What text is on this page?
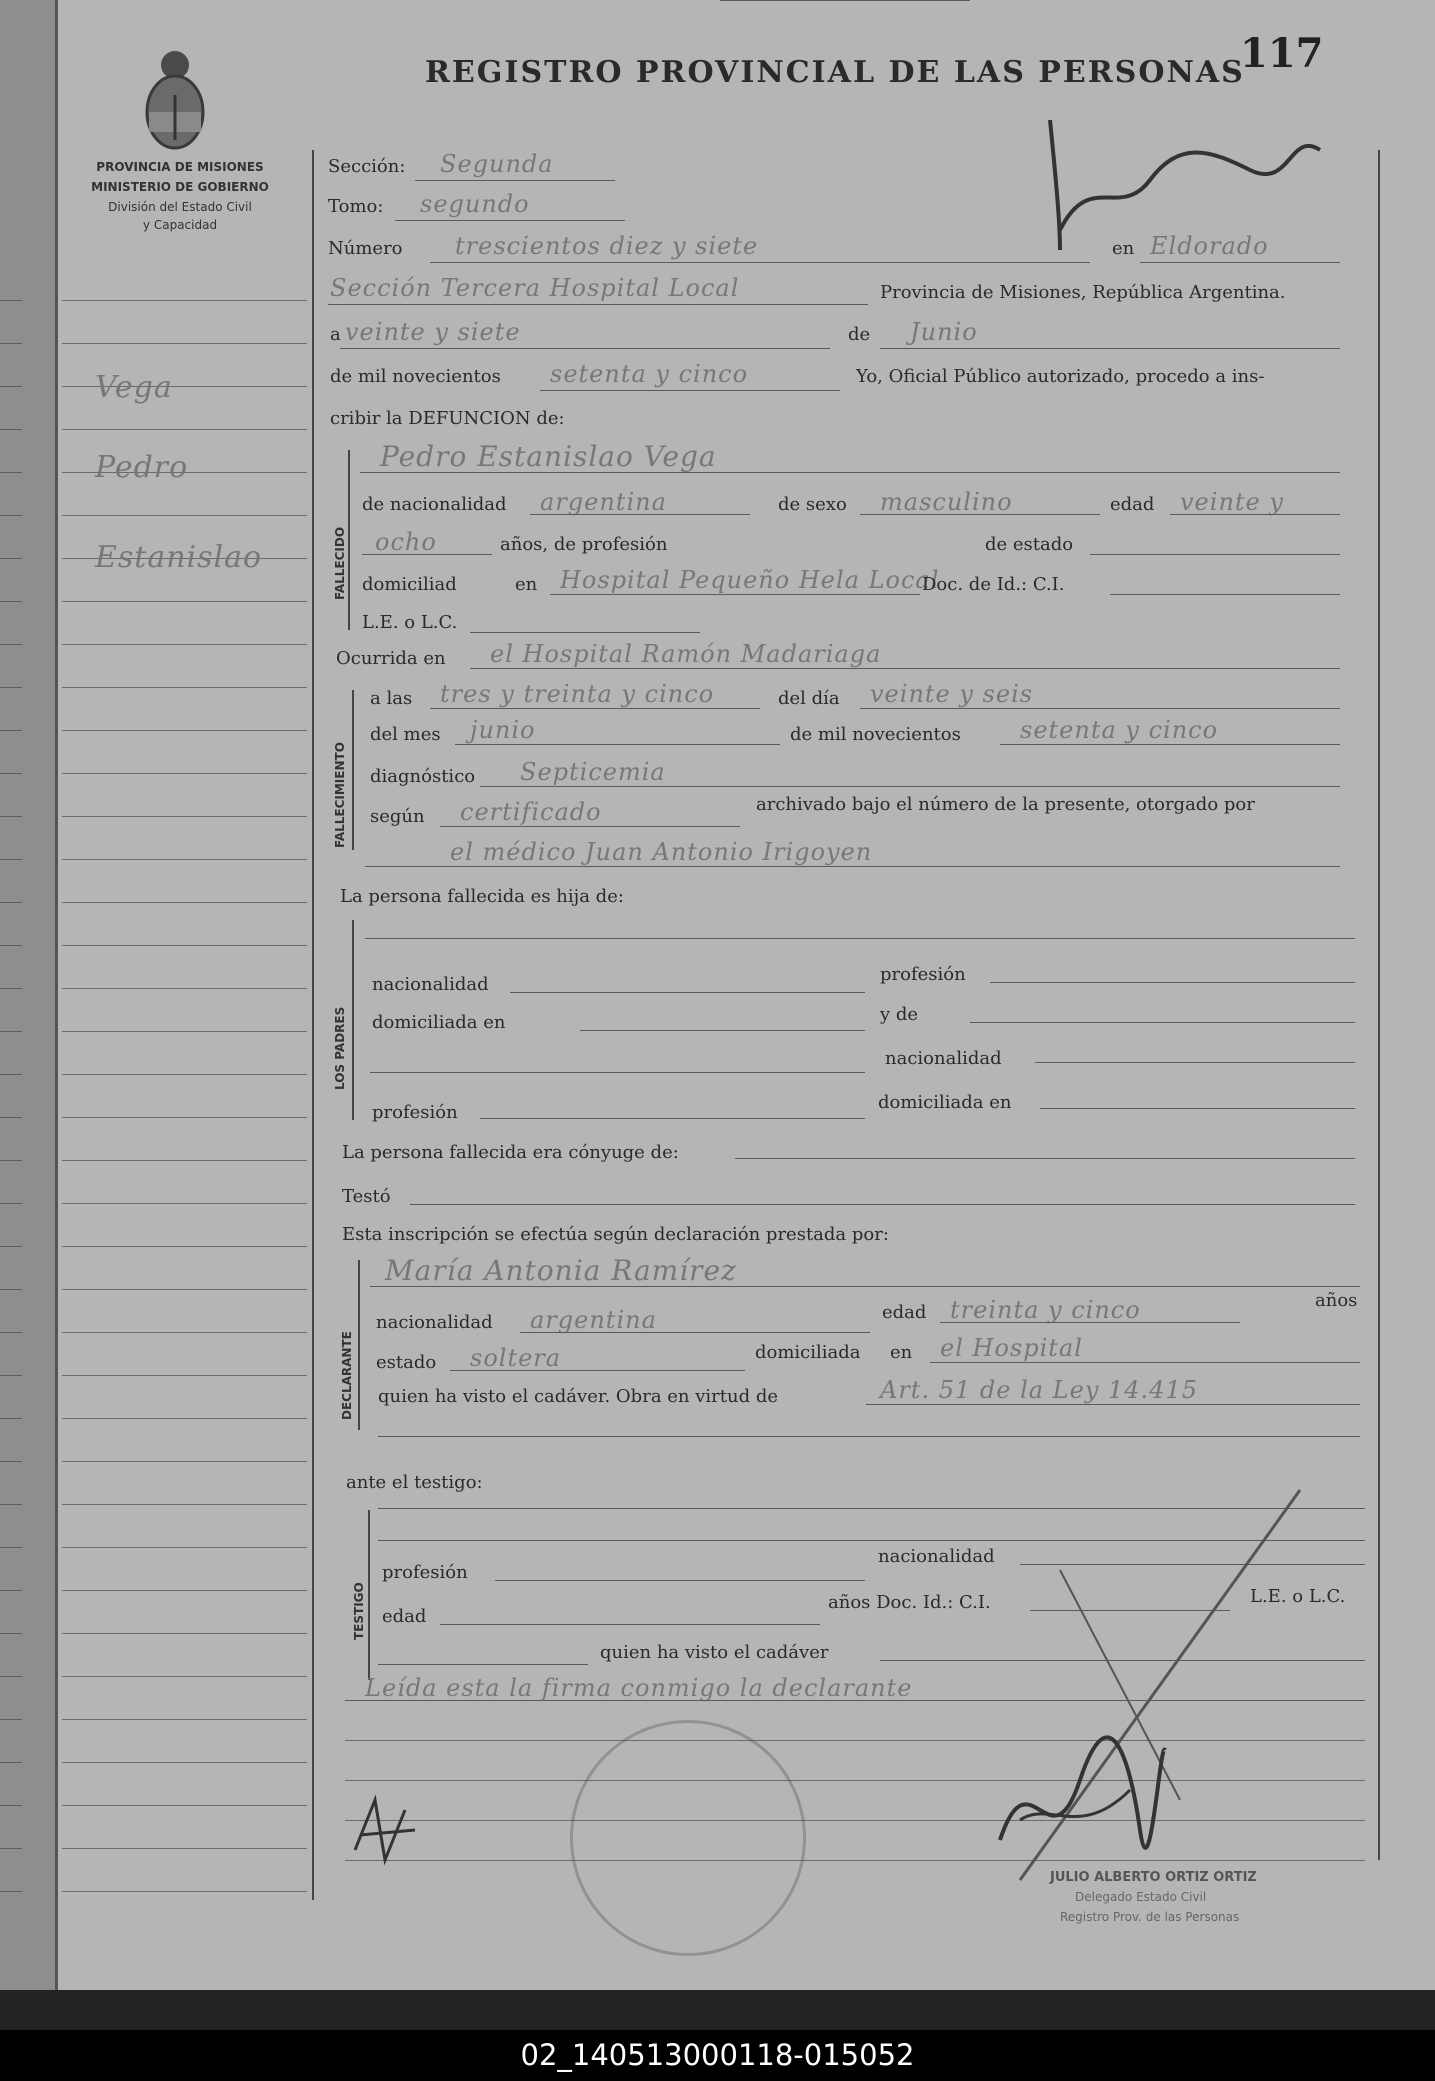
PROVINCIA DE MISIONES
MINISTERIO DE GOBIERNO
División del Estado Civil
y Capacidad
REGISTRO PROVINCIAL DE LAS PERSONAS
117
Vega
Pedro
Estanislao
Sección: Segunda
Tomo: segundo
Número trescientos diez y siete	en Eldorado
Sección Tercera Hospital Local	Provincia de Misiones, República Argentina.
a veinte y siete	de Junio
de mil novecientos setenta y cinco	Yo, Oficial Público autorizado, procedo a ins-
cribir la DEFUNCION de:
FALLECIDO
Pedro Estanislao Vega
de nacionalidad argentina	de sexo masculino	edad veinte y
ocho	años, de profesión	de estado
domiciliad	en Hospital Pequeño Hela Local
Doc. de Id.: C.I.
L.E. o L.C.
Ocurrida en el Hospital Ramón Madariaga
FALLECIMIENTO
a las tres y treinta y cinco	del día veinte y seis
del mes junio	de mil novecientos setenta y cinco
diagnóstico Septicemia
según certificado	archivado bajo el número de la presente, otorgado por
el médico Juan Antonio Irigoyen
La persona fallecida es hija de:
LOS PADRES
nacionalidad	profesión
domiciliada en	y de
nacionalidad
profesión	domiciliada en
La persona fallecida era cónyuge de:
Testó
Esta inscripción se efectúa según declaración prestada por:
DECLARANTE
María Antonia Ramírez
nacionalidad argentina	edad treinta y cinco	años
estado soltera	domiciliada en el Hospital
quien ha visto el cadáver. Obra en virtud de	Art. 51 de la Ley 14.415
ante el testigo:
TESTIGO
profesión
nacionalidad
edad
años Doc. Id.: C.I.	L.E. o L.C.
quien ha visto el cadáver
Leída esta la firma conmigo la declarante
JULIO ALBERTO ORTIZ ORTIZ
Delegado Estado Civil
Registro Prov. de las Personas
02_140513000118-015052
